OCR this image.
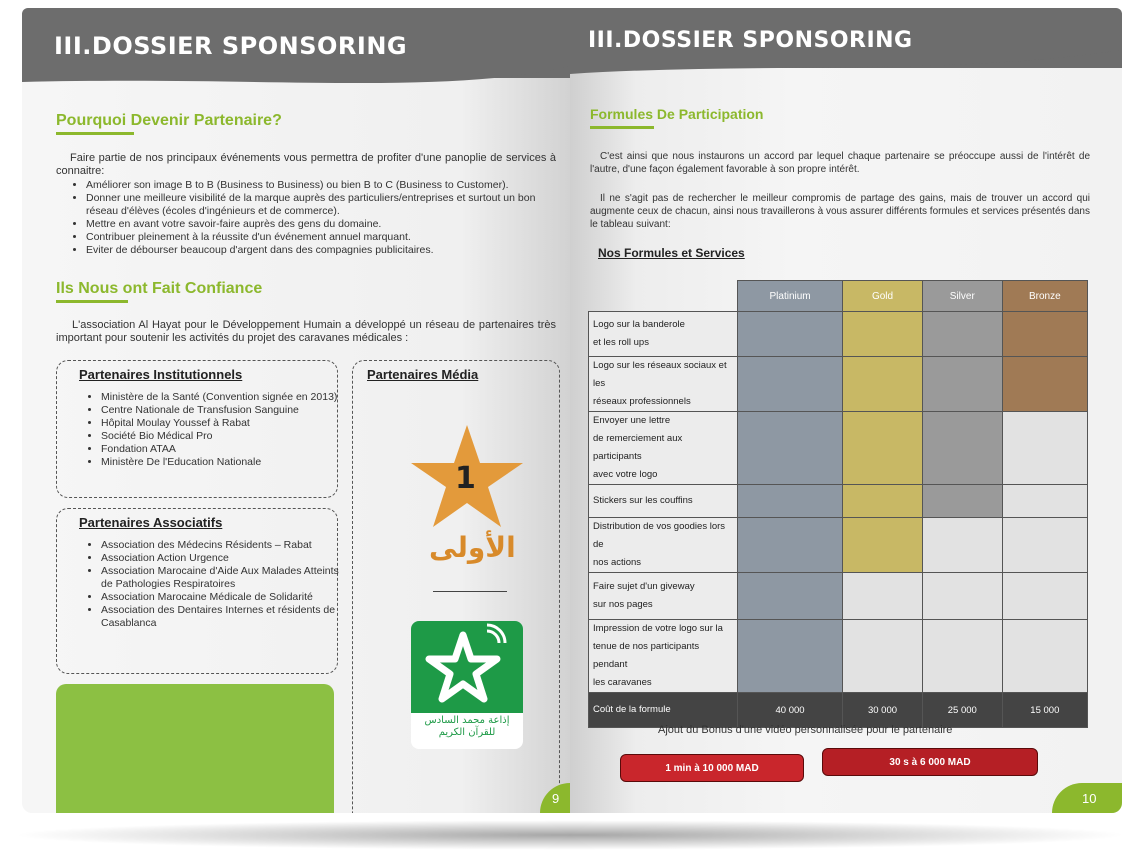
III.DOSSIER SPONSORING
Pourquoi Devenir Partenaire?
Faire partie de nos principaux événements vous permettra de profiter d'une panoplie de services à connaitre:
• Améliorer son image B to B (Business to Business) ou bien B to C (Business to Customer).
• Donner une meilleure visibilité de la marque auprès des particuliers/entreprises et surtout un bon réseau d'élèves (écoles d'ingénieurs et de commerce).
• Mettre en avant votre savoir-faire auprès des gens du domaine.
• Contribuer pleinement à la réussite d'un événement annuel marquant.
• Eviter de débourser beaucoup d'argent dans des compagnies publicitaires.
Ils Nous ont Fait Confiance
L'association Al Hayat pour le Développement Humain a développé un réseau de partenaires très important pour soutenir les activités du projet des caravanes médicales :
Partenaires Institutionnels
• Ministère de la Santé (Convention signée en 2013)
• Centre Nationale de Transfusion Sanguine
• Hôpital Moulay Youssef à Rabat
• Société Bio Médical Pro
• Fondation ATAA
• Ministère De l'Education Nationale
Partenaires Associatifs
• Association des Médecins Résidents – Rabat
• Association Action Urgence
• Association Marocaine d'Aide Aux Malades Atteints de Pathologies Respiratoires
• Association Marocaine Médicale de Solidarité
• Association des Dentaires Internes et résidents de Casablanca
Partenaires Média
1
الأولى
إذاعة محمد السادس للقرآن الكريم
9
III.DOSSIER SPONSORING
Formules De Participation
C'est ainsi que nous instaurons un accord par lequel chaque partenaire se préoccupe aussi de l'intérêt de l'autre, d'une façon également favorable à son propre intérêt.
Il ne s'agit pas de rechercher le meilleur compromis de partage des gains, mais de trouver un accord qui augmente ceux de chacun, ainsi nous travaillerons à vous assurer différents formules et services présentés dans le tableau suivant:
Nos Formules et Services
	Platinium	Gold	Silver	Bronze

Logo sur la banderole
et les roll ups				

Logo sur les réseaux sociaux et les
réseaux professionnels				

Envoyer une lettre
de remerciement aux participants
avec votre logo				

Stickers sur les couffins				

Distribution de vos goodies lors de
nos actions				

Faire sujet d'un giveway
sur nos pages				

Impression de votre logo sur la
tenue de nos participants pendant
les caravanes				

Coût de la formule	40 000	30 000	25 000	15 000
Ajout du Bonus d'une vidéo personnalisée pour le partenaire
1 min à 10 000 MAD
30 s à 6 000 MAD
10
